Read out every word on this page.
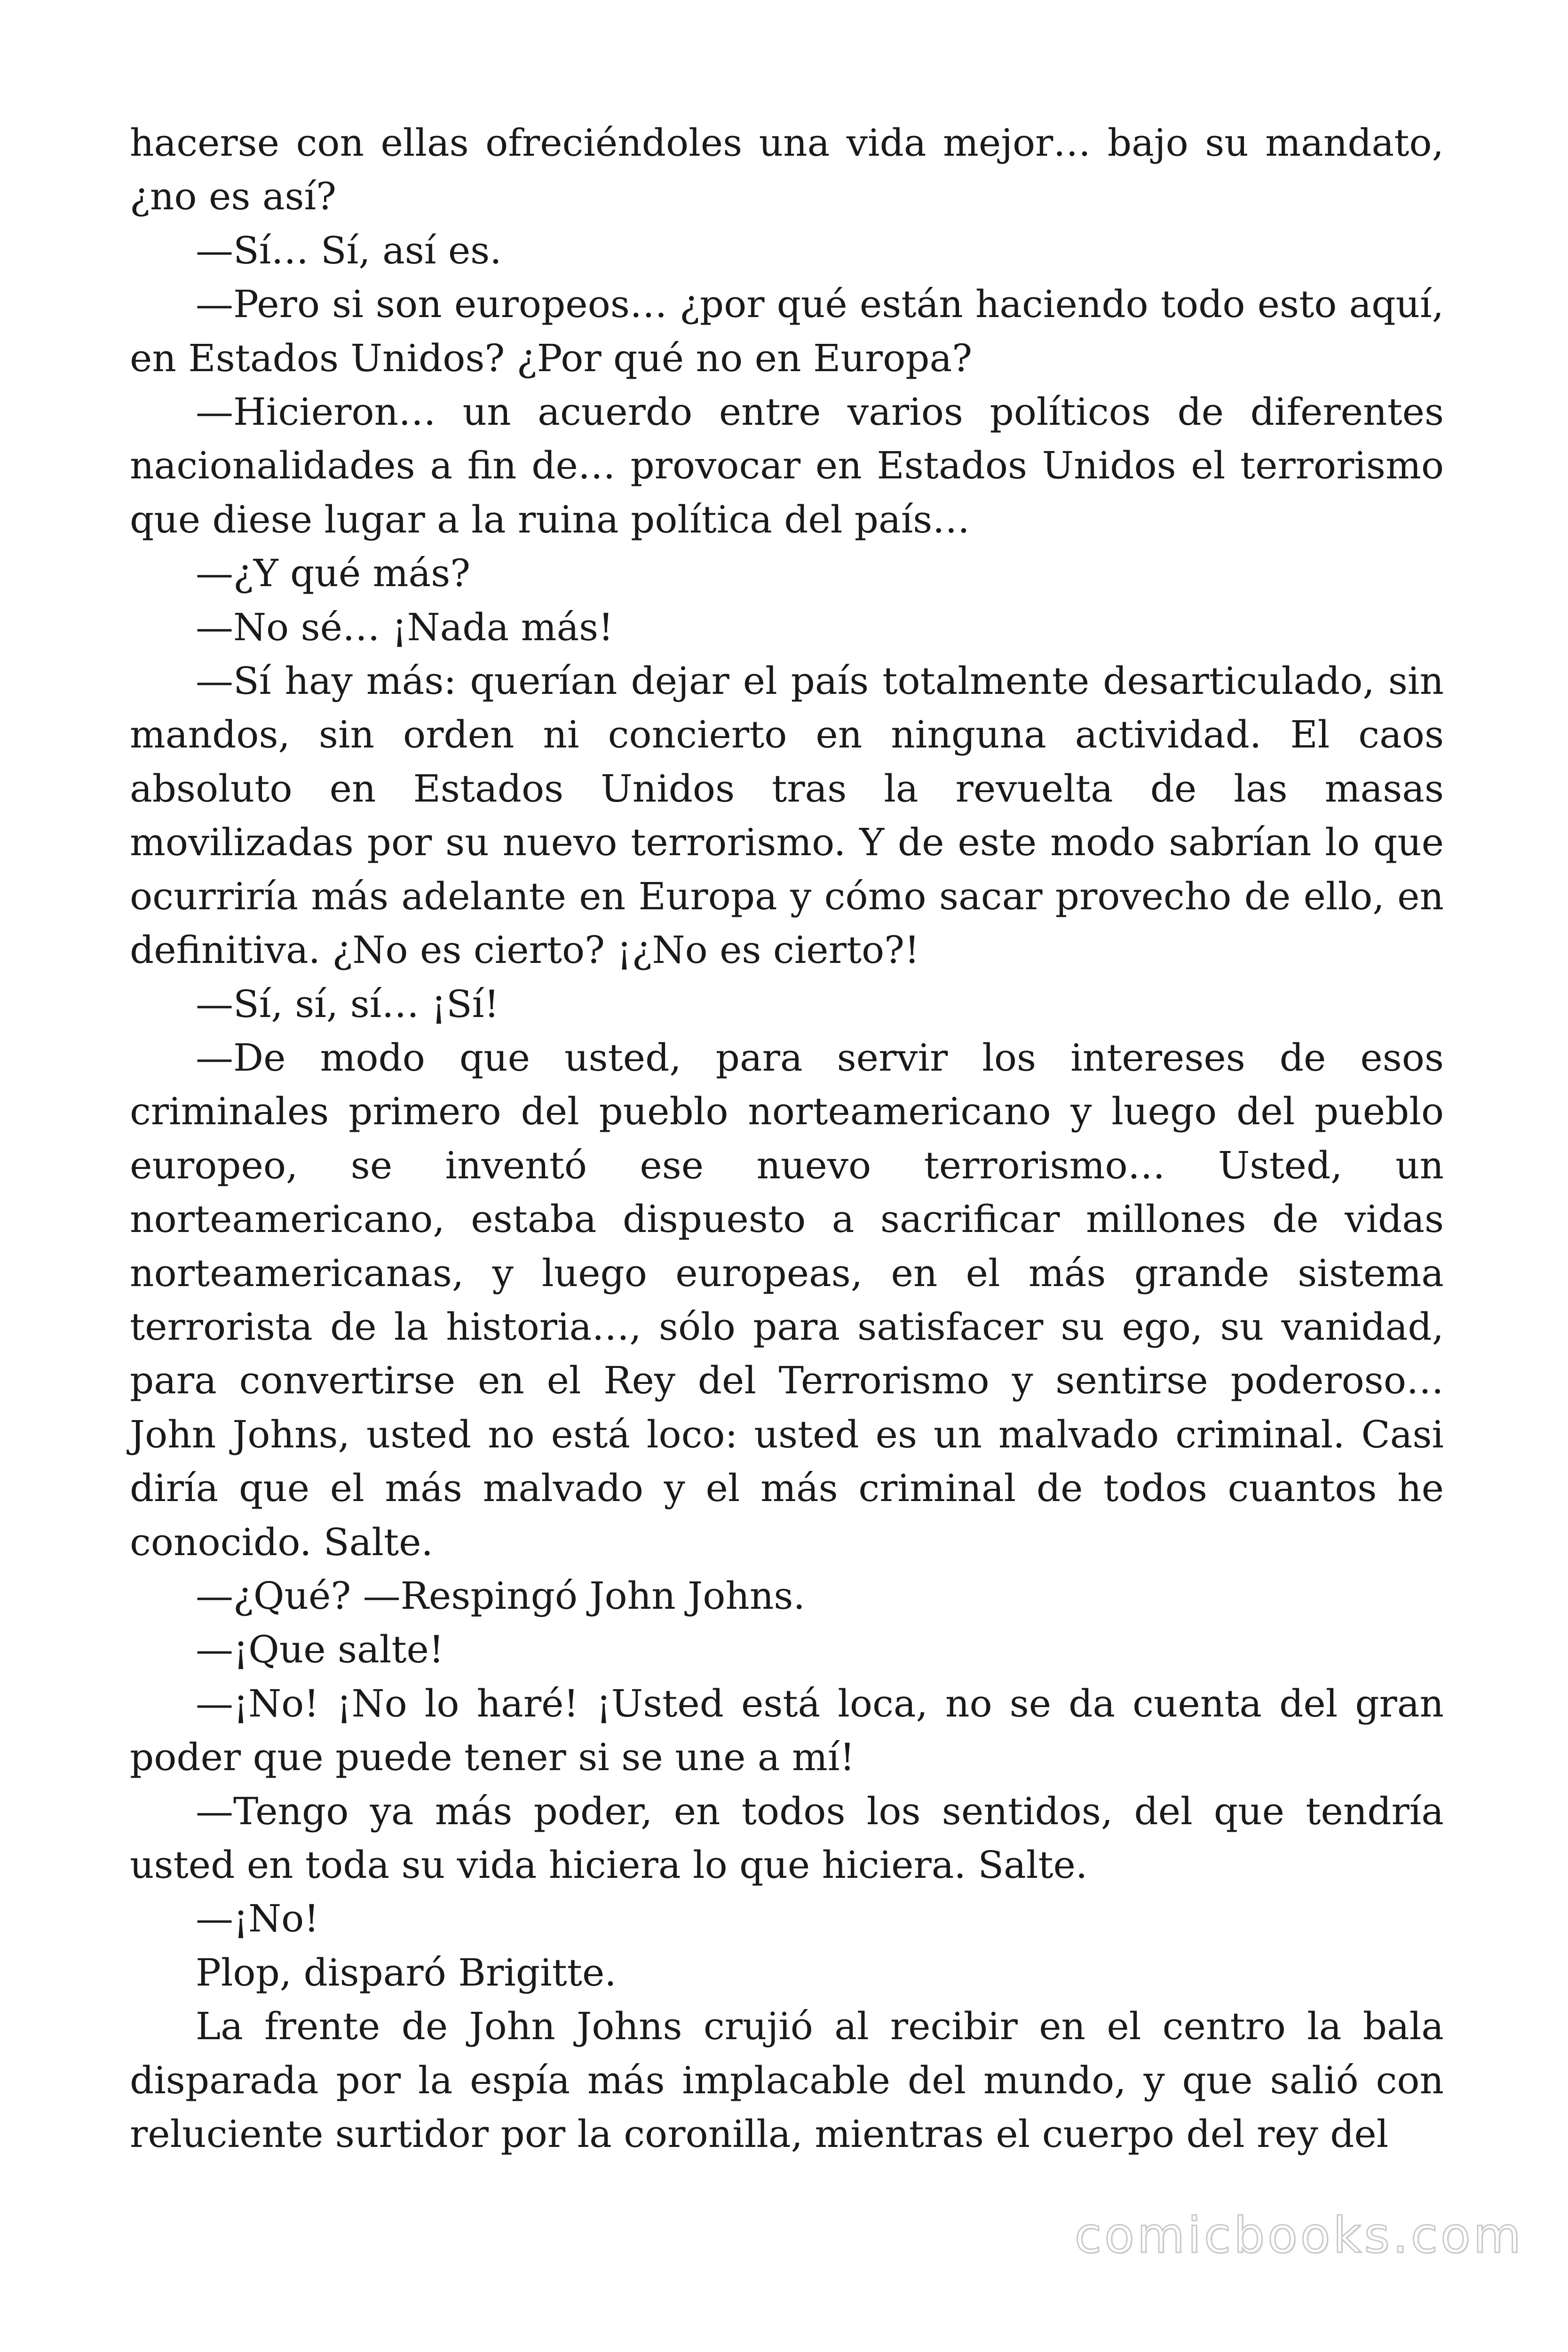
hacerse con ellas ofreciéndoles una vida mejor… bajo su mandato, ¿no es así?

—Sí… Sí, así es.

—Pero si son europeos… ¿por qué están haciendo todo esto aquí, en Estados Unidos? ¿Por qué no en Europa?

—Hicieron… un acuerdo entre varios políticos de diferentes nacionalidades a fin de… provocar en Estados Unidos el terrorismo que diese lugar a la ruina política del país…

—¿Y qué más?

—No sé… ¡Nada más!

—Sí hay más: querían dejar el país totalmente desarticulado, sin mandos, sin orden ni concierto en ninguna actividad. El caos absoluto en Estados Unidos tras la revuelta de las masas movilizadas por su nuevo terrorismo. Y de este modo sabrían lo que ocurriría más adelante en Europa y cómo sacar provecho de ello, en definitiva. ¿No es cierto? ¡¿No es cierto?!

—Sí, sí, sí… ¡Sí!

—De modo que usted, para servir los intereses de esos criminales primero del pueblo norteamericano y luego del pueblo europeo, se inventó ese nuevo terrorismo… Usted, un norteamericano, estaba dispuesto a sacrificar millones de vidas norteamericanas, y luego europeas, en el más grande sistema terrorista de la historia…, sólo para satisfacer su ego, su vanidad, para convertirse en el Rey del Terrorismo y sentirse poderoso… John Johns, usted no está loco: usted es un malvado criminal. Casi diría que el más malvado y el más criminal de todos cuantos he conocido. Salte.

—¿Qué? —Respingó John Johns.

—¡Que salte!

—¡No! ¡No lo haré! ¡Usted está loca, no se da cuenta del gran poder que puede tener si se une a mí!

—Tengo ya más poder, en todos los sentidos, del que tendría usted en toda su vida hiciera lo que hiciera. Salte.

—¡No!

Plop, disparó Brigitte.

La frente de John Johns crujió al recibir en el centro la bala disparada por la espía más implacable del mundo, y que salió con reluciente surtidor por la coronilla, mientras el cuerpo del rey del

comicbooks.com
